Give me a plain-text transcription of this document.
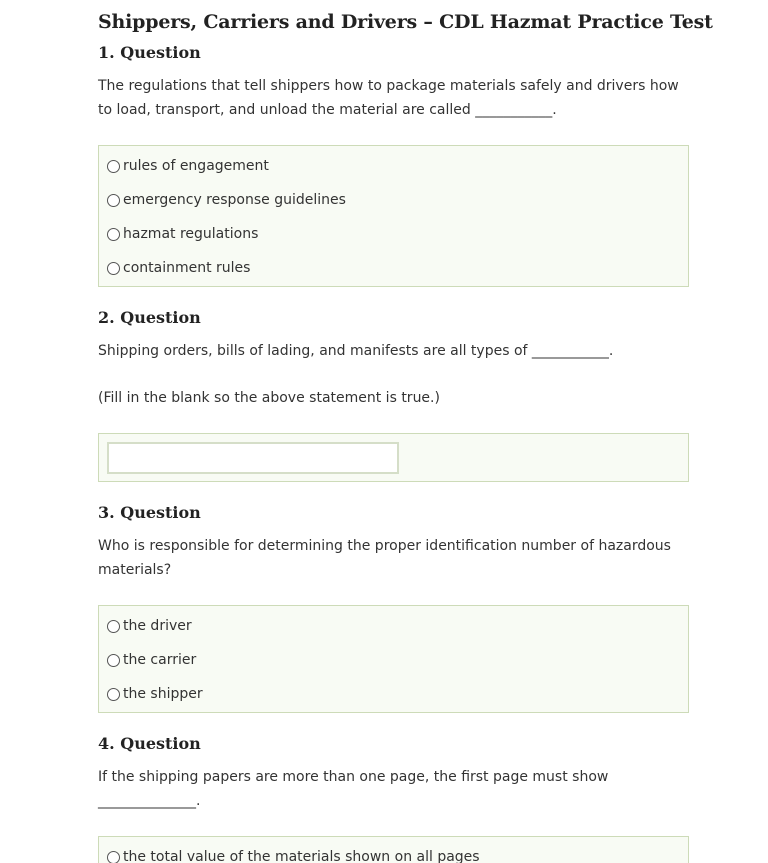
Shippers, Carriers and Drivers – CDL Hazmat Practice Test
1. Question

The regulations that tell shippers how to package materials safely and drivers how to load, transport, and unload the material are called ___________.

rules of engagement
emergency response guidelines
hazmat regulations
containment rules
2. Question

Shipping orders, bills of lading, and manifests are all types of ___________.

(Fill in the blank so the above statement is true.)

3. Question

Who is responsible for determining the proper identification number of hazardous materials?

the driver
the carrier
the shipper
4. Question

If the shipping papers are more than one page, the first page must show ______________.

the total value of the materials shown on all pages
